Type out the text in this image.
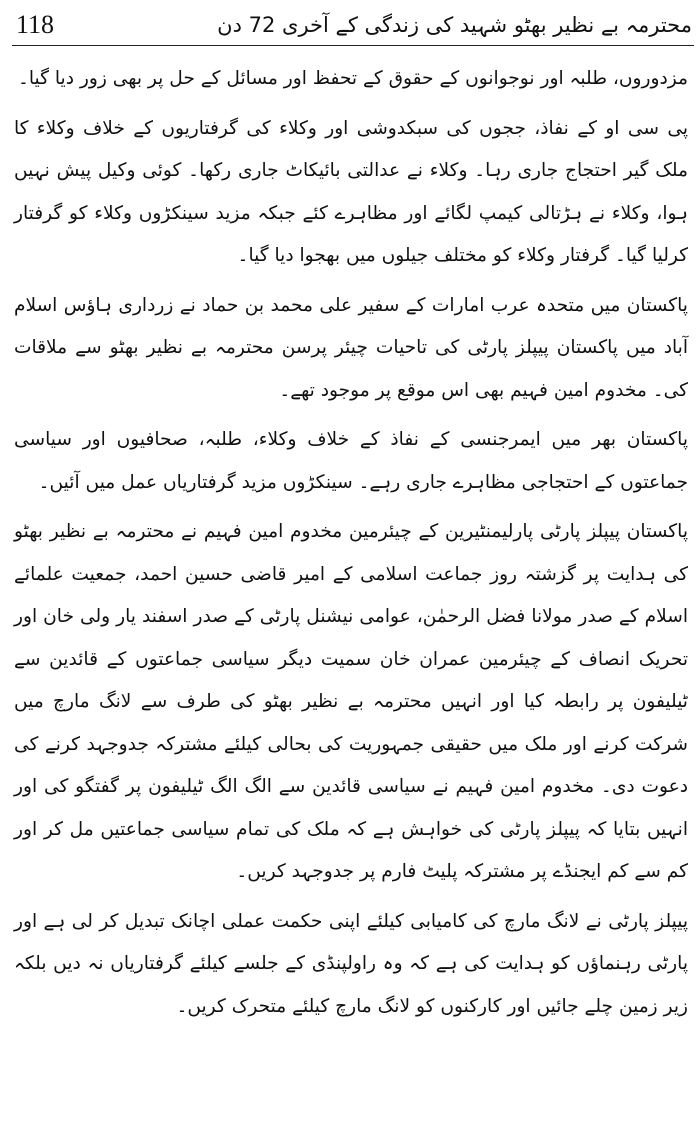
118	محترمہ بے نظیر بھٹو شہید کی زندگی کے آخری 72 دن

مزدوروں، طلبہ اور نوجوانوں کے حقوق کے تحفظ اور مسائل کے حل پر بھی زور دیا گیا۔

پی سی او کے نفاذ، ججوں کی سبکدوشی اور وکلاء کی گرفتاریوں کے خلاف وکلاء کا ملک گیر احتجاج جاری رہا۔ وکلاء نے عدالتی بائیکاٹ جاری رکھا۔ کوئی وکیل پیش نہیں ہوا، وکلاء نے ہڑتالی کیمپ لگائے اور مظاہرے کئے جبکہ مزید سینکڑوں وکلاء کو گرفتار کرلیا گیا۔ گرفتار وکلاء کو مختلف جیلوں میں بھجوا دیا گیا۔

پاکستان میں متحدہ عرب امارات کے سفیر علی محمد بن حماد نے زرداری ہاؤس اسلام آباد میں پاکستان پیپلز پارٹی کی تاحیات چیئر پرسن محترمہ بے نظیر بھٹو سے ملاقات کی۔ مخدوم امین فہیم بھی اس موقع پر موجود تھے۔

پاکستان بھر میں ایمرجنسی کے نفاذ کے خلاف وکلاء، طلبہ، صحافیوں اور سیاسی جماعتوں کے احتجاجی مظاہرے جاری رہے۔ سینکڑوں مزید گرفتاریاں عمل میں آئیں۔

پاکستان پیپلز پارٹی پارلیمنٹیرین کے چیئرمین مخدوم امین فہیم نے محترمہ بے نظیر بھٹو کی ہدایت پر گزشتہ روز جماعت اسلامی کے امیر قاضی حسین احمد، جمعیت علمائے اسلام کے صدر مولانا فضل الرحمٰن، عوامی نیشنل پارٹی کے صدر اسفند یار ولی خان اور تحریک انصاف کے چیئرمین عمران خان سمیت دیگر سیاسی جماعتوں کے قائدین سے ٹیلیفون پر رابطہ کیا اور انہیں محترمہ بے نظیر بھٹو کی طرف سے لانگ مارچ میں شرکت کرنے اور ملک میں حقیقی جمہوریت کی بحالی کیلئے مشترکہ جدوجہد کرنے کی دعوت دی۔ مخدوم امین فہیم نے سیاسی قائدین سے الگ الگ ٹیلیفون پر گفتگو کی اور انہیں بتایا کہ پیپلز پارٹی کی خواہش ہے کہ ملک کی تمام سیاسی جماعتیں مل کر اور کم سے کم ایجنڈے پر مشترکہ پلیٹ فارم پر جدوجہد کریں۔

پیپلز پارٹی نے لانگ مارچ کی کامیابی کیلئے اپنی حکمت عملی اچانک تبدیل کر لی ہے اور پارٹی رہنماؤں کو ہدایت کی ہے کہ وہ راولپنڈی کے جلسے کیلئے گرفتاریاں نہ دیں بلکہ زیر زمین چلے جائیں اور کارکنوں کو لانگ مارچ کیلئے متحرک کریں۔
